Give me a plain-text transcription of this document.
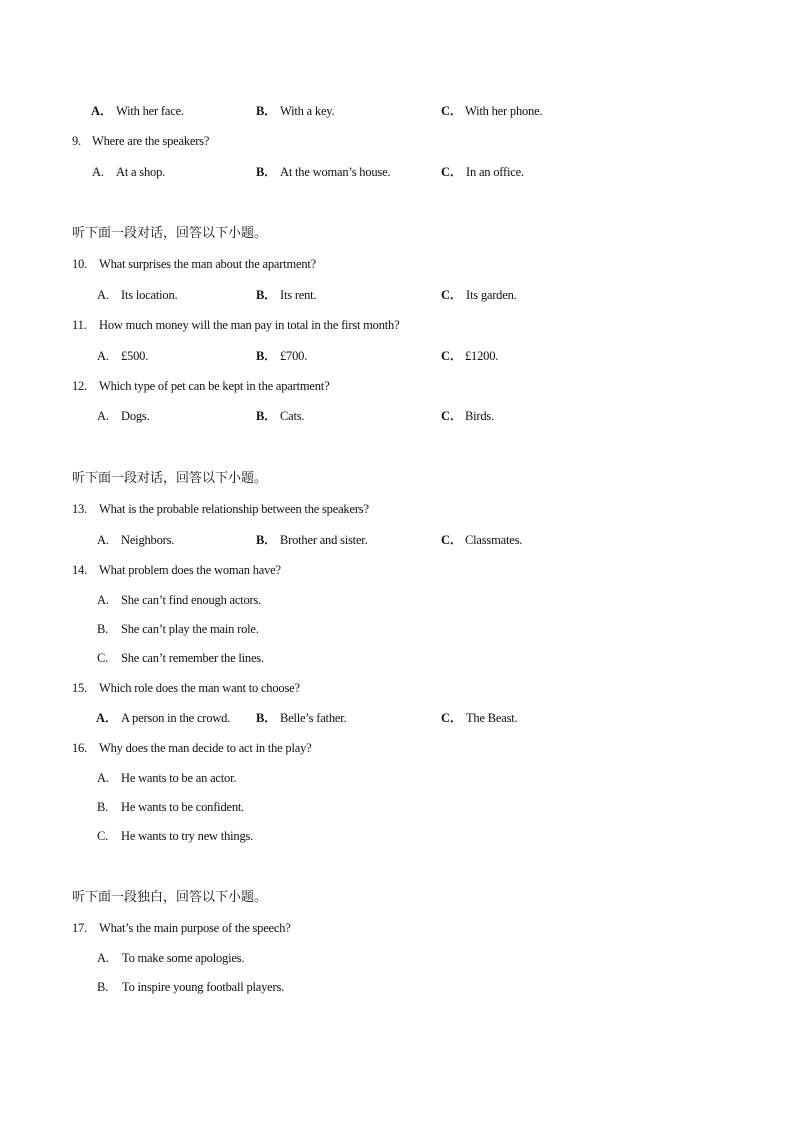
A． With her face.	B． With a key.	C． With her phone.
9. Where are the speakers?
A. At a shop.	B． At the woman’s house.	C． In an office.
听下面一段对话，回答以下小题。
10. What surprises the man about the apartment?
A. Its location.	B． Its rent.	C． Its garden.
11. How much money will the man pay in total in the first month?
A. £500.	B． £700.	C． £1200.
12. Which type of pet can be kept in the apartment?
A. Dogs.	B． Cats.	C． Birds.
听下面一段对话，回答以下小题。
13. What is the probable relationship between the speakers?
A. Neighbors.	B． Brother and sister.	C． Classmates.
14. What problem does the woman have?
A. She can’t find enough actors.
B. She can’t play the main role.
C. She can’t remember the lines.
15. Which role does the man want to choose?
A． A person in the crowd. B． Belle’s father.	C． The Beast.
16. Why does the man decide to act in the play?
A. He wants to be an actor.
B. He wants to be confident.
C. He wants to try new things.
听下面一段独白，回答以下小题。
17. What’s the main purpose of the speech?
A. To make some apologies.
B. To inspire young football players.
